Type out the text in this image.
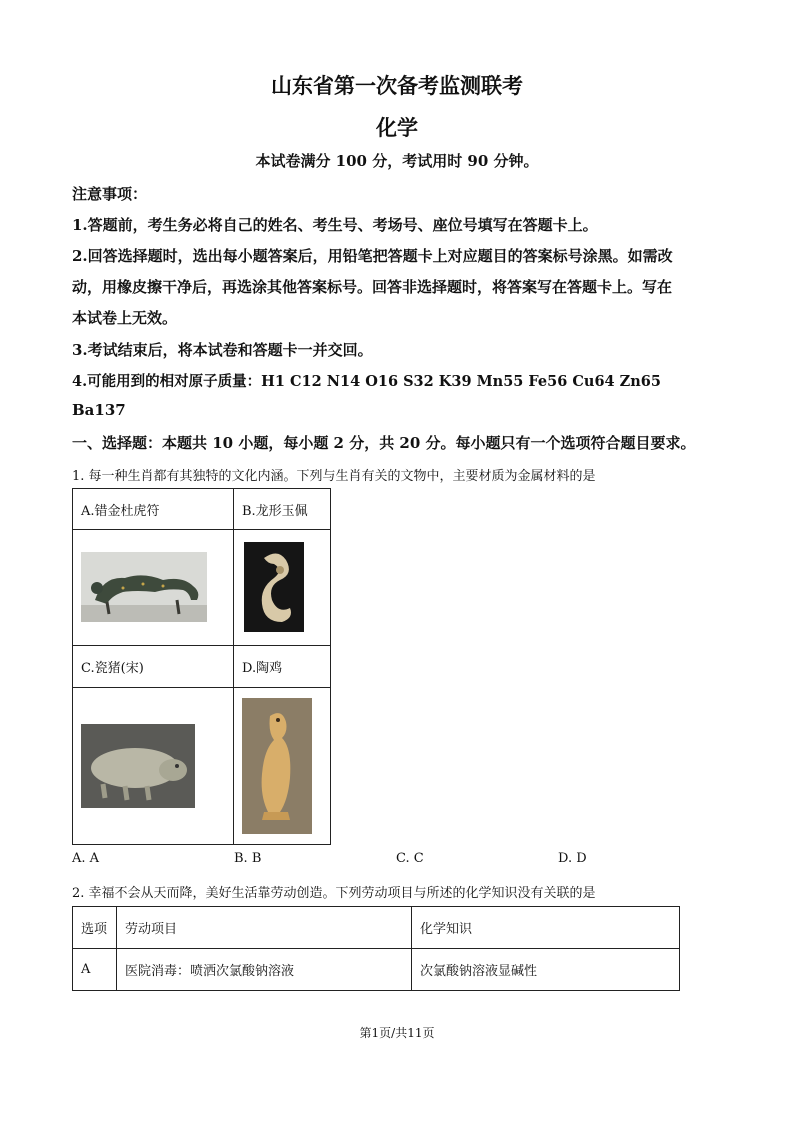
山东省第一次备考监测联考
化学
本试卷满分 100 分，考试用时 90 分钟。
注意事项：
1.答题前，考生务必将自己的姓名、考生号、考场号、座位号填写在答题卡上。
2.回答选择题时，选出每小题答案后，用铅笔把答题卡上对应题目的答案标号涂黑。如需改
动，用橡皮擦干净后，再选涂其他答案标号。回答非选择题时，将答案写在答题卡上。写在
本试卷上无效。
3.考试结束后，将本试卷和答题卡一并交回。
4.可能用到的相对原子质量：H1 C12 N14 O16 S32 K39 Mn55 Fe56 Cu64 Zn65
Ba137
一、选择题：本题共 10 小题，每小题 2 分，共 20 分。每小题只有一个选项符合题目要求。
1. 每一种生肖都有其独特的文化内涵。下列与生肖有关的文物中，主要材质为金属材料的是
A.错金杜虎符	B.龙形玉佩

C.瓷猪(宋)	D.陶鸡

A. A	B. B	C. C	D. D
2. 幸福不会从天而降，美好生活靠劳动创造。下列劳动项目与所述的化学知识没有关联的是
选项	劳动项目	化学知识
A	医院消毒：喷洒次氯酸钠溶液	次氯酸钠溶液显碱性
第1页/共11页
